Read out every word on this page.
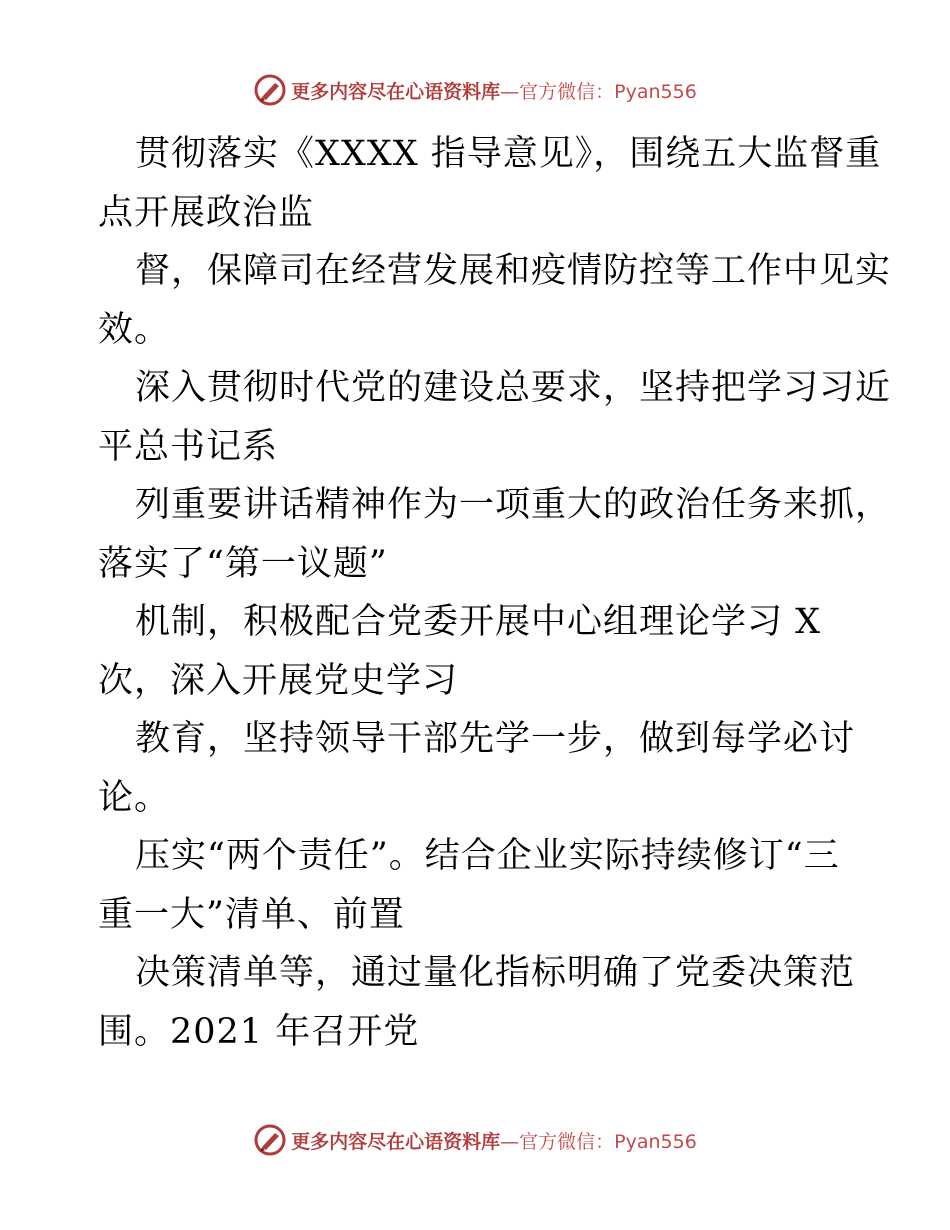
更多内容尽在心语资料库—官方微信：Pyan556
贯彻落实《XXXX 指导意见》，围绕五大监督重
点开展政治监
督，保障司在经营发展和疫情防控等工作中见实
效。
深入贯彻时代党的建设总要求，坚持把学习习近
平总书记系
列重要讲话精神作为一项重大的政治任务来抓，
落实了“第一议题”
机制，积极配合党委开展中心组理论学习 X
次，深入开展党史学习
教育，坚持领导干部先学一步，做到每学必讨
论。
压实“两个责任”。结合企业实际持续修订“三
重一大”清单、前置
决策清单等，通过量化指标明确了党委决策范
围。2021 年召开党
更多内容尽在心语资料库—官方微信：Pyan556
